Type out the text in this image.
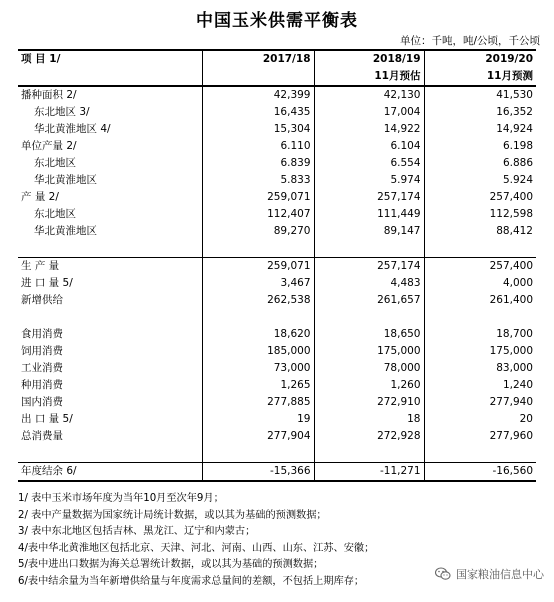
中国玉米供需平衡表
单位：千吨，吨/公顷，千公顷
项 目 1/	2017/18	2018/19	2019/20
		11月预估	11月预测
播种面积 2/	42,399	42,130	41,530
东北地区 3/	16,435	17,004	16,352
华北黄淮地区 4/	15,304	14,922	14,924
单位产量 2/	6.110	6.104	6.198
东北地区	6.839	6.554	6.886
华北黄淮地区	5.833	5.974	5.924
产 量 2/	259,071	257,174	257,400
东北地区	112,407	111,449	112,598
华北黄淮地区	89,270	89,147	88,412

生 产 量	259,071	257,174	257,400
进 口 量 5/	3,467	4,483	4,000
新增供给	262,538	261,657	261,400

食用消费	18,620	18,650	18,700
饲用消费	185,000	175,000	175,000
工业消费	73,000	78,000	83,000
种用消费	1,265	1,260	1,240
国内消费	277,885	272,910	277,940
出 口 量 5/	19	18	20
总消费量	277,904	272,928	277,960

年度结余 6/	-15,366	-11,271	-16,560
1/ 表中玉米市场年度为当年10月至次年9月；
2/ 表中产量数据为国家统计局统计数据，或以其为基础的预测数据；
3/ 表中东北地区包括吉林、黑龙江、辽宁和内蒙古；
4/表中华北黄淮地区包括北京、天津、河北、河南、山西、山东、江苏、安徽；
5/表中进出口数据为海关总署统计数据，或以其为基础的预测数据；
6/表中结余量为当年新增供给量与年度需求总量间的差额，不包括上期库存；	国家粮油信息中心
